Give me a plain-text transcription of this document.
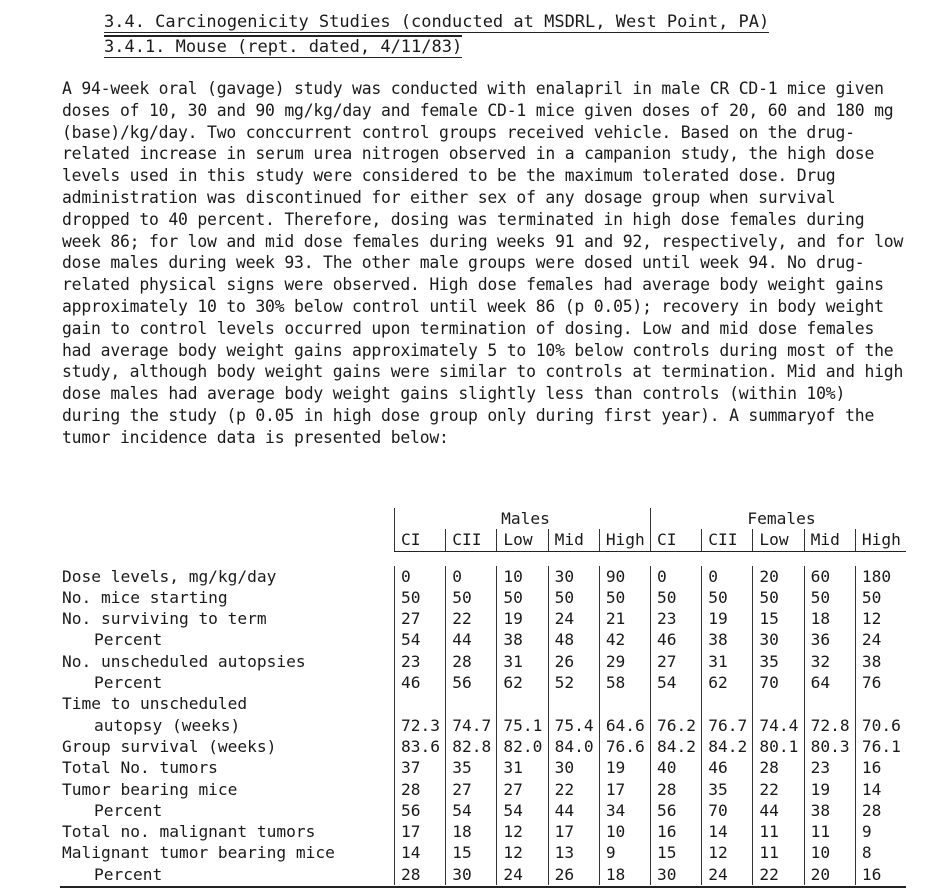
3.4. Carcinogenicity Studies (conducted at MSDRL, West Point, PA)
3.4.1. Mouse (rept. dated, 4/11/83)
A 94-week oral (gavage) study was conducted with enalapril in male CR CD-1 mice given doses of 10, 30 and 90 mg/kg/day and female CD-1 mice given doses of 20, 60 and 180 mg (base)/kg/day. Two conccurrent control groups received vehicle. Based on the drug-related increase in serum urea nitrogen observed in a campanion study, the high dose levels used in this study were considered to be the maximum tolerated dose. Drug administration was discontinued for either sex of any dosage group when survival dropped to 40 percent. Therefore, dosing was terminated in high dose females during week 86; for low and mid dose females during weeks 91 and 92, respectively, and for low dose males during week 93. The other male groups were dosed until week 94. No drug-related physical signs were observed. High dose females had average body weight gains approximately 10 to 30% below control until week 86 (p 0.05); recovery in body weight gain to control levels occurred upon termination of dosing. Low and mid dose females had average body weight gains approximately 5 to 10% below controls during most of the study, although body weight gains were similar to controls at termination. Mid and high dose males had average body weight gains slightly less than controls (within 10%) during the study (p 0.05 in high dose group only during first year). A summaryof the tumor incidence data is presented below:
	Males					Females				
	CI	CII	Low	Mid	High	CI	CII	Low	Mid	High

Dose levels, mg/kg/day	0	0	10	30	90	0	0	20	60	180
No. mice starting	50	50	50	50	50	50	50	50	50	50
No. surviving to term	27	22	19	24	21	23	19	15	18	12
Percent	54	44	38	48	42	46	38	30	36	24
No. unscheduled autopsies	23	28	31	26	29	27	31	35	32	38
Percent	46	56	62	52	58	54	62	70	64	76
Time to unscheduled										
autopsy (weeks)	72.3	74.7	75.1	75.4	64.6	76.2	76.7	74.4	72.8	70.6
Group survival (weeks)	83.6	82.8	82.0	84.0	76.6	84.2	84.2	80.1	80.3	76.1
Total No. tumors	37	35	31	30	19	40	46	28	23	16
Tumor bearing mice	28	27	27	22	17	28	35	22	19	14
Percent	56	54	54	44	34	56	70	44	38	28
Total no. malignant tumors	17	18	12	17	10	16	14	11	11	9
Malignant tumor bearing mice	14	15	12	13	9	15	12	11	10	8
Percent	28	30	24	26	18	30	24	22	20	16
